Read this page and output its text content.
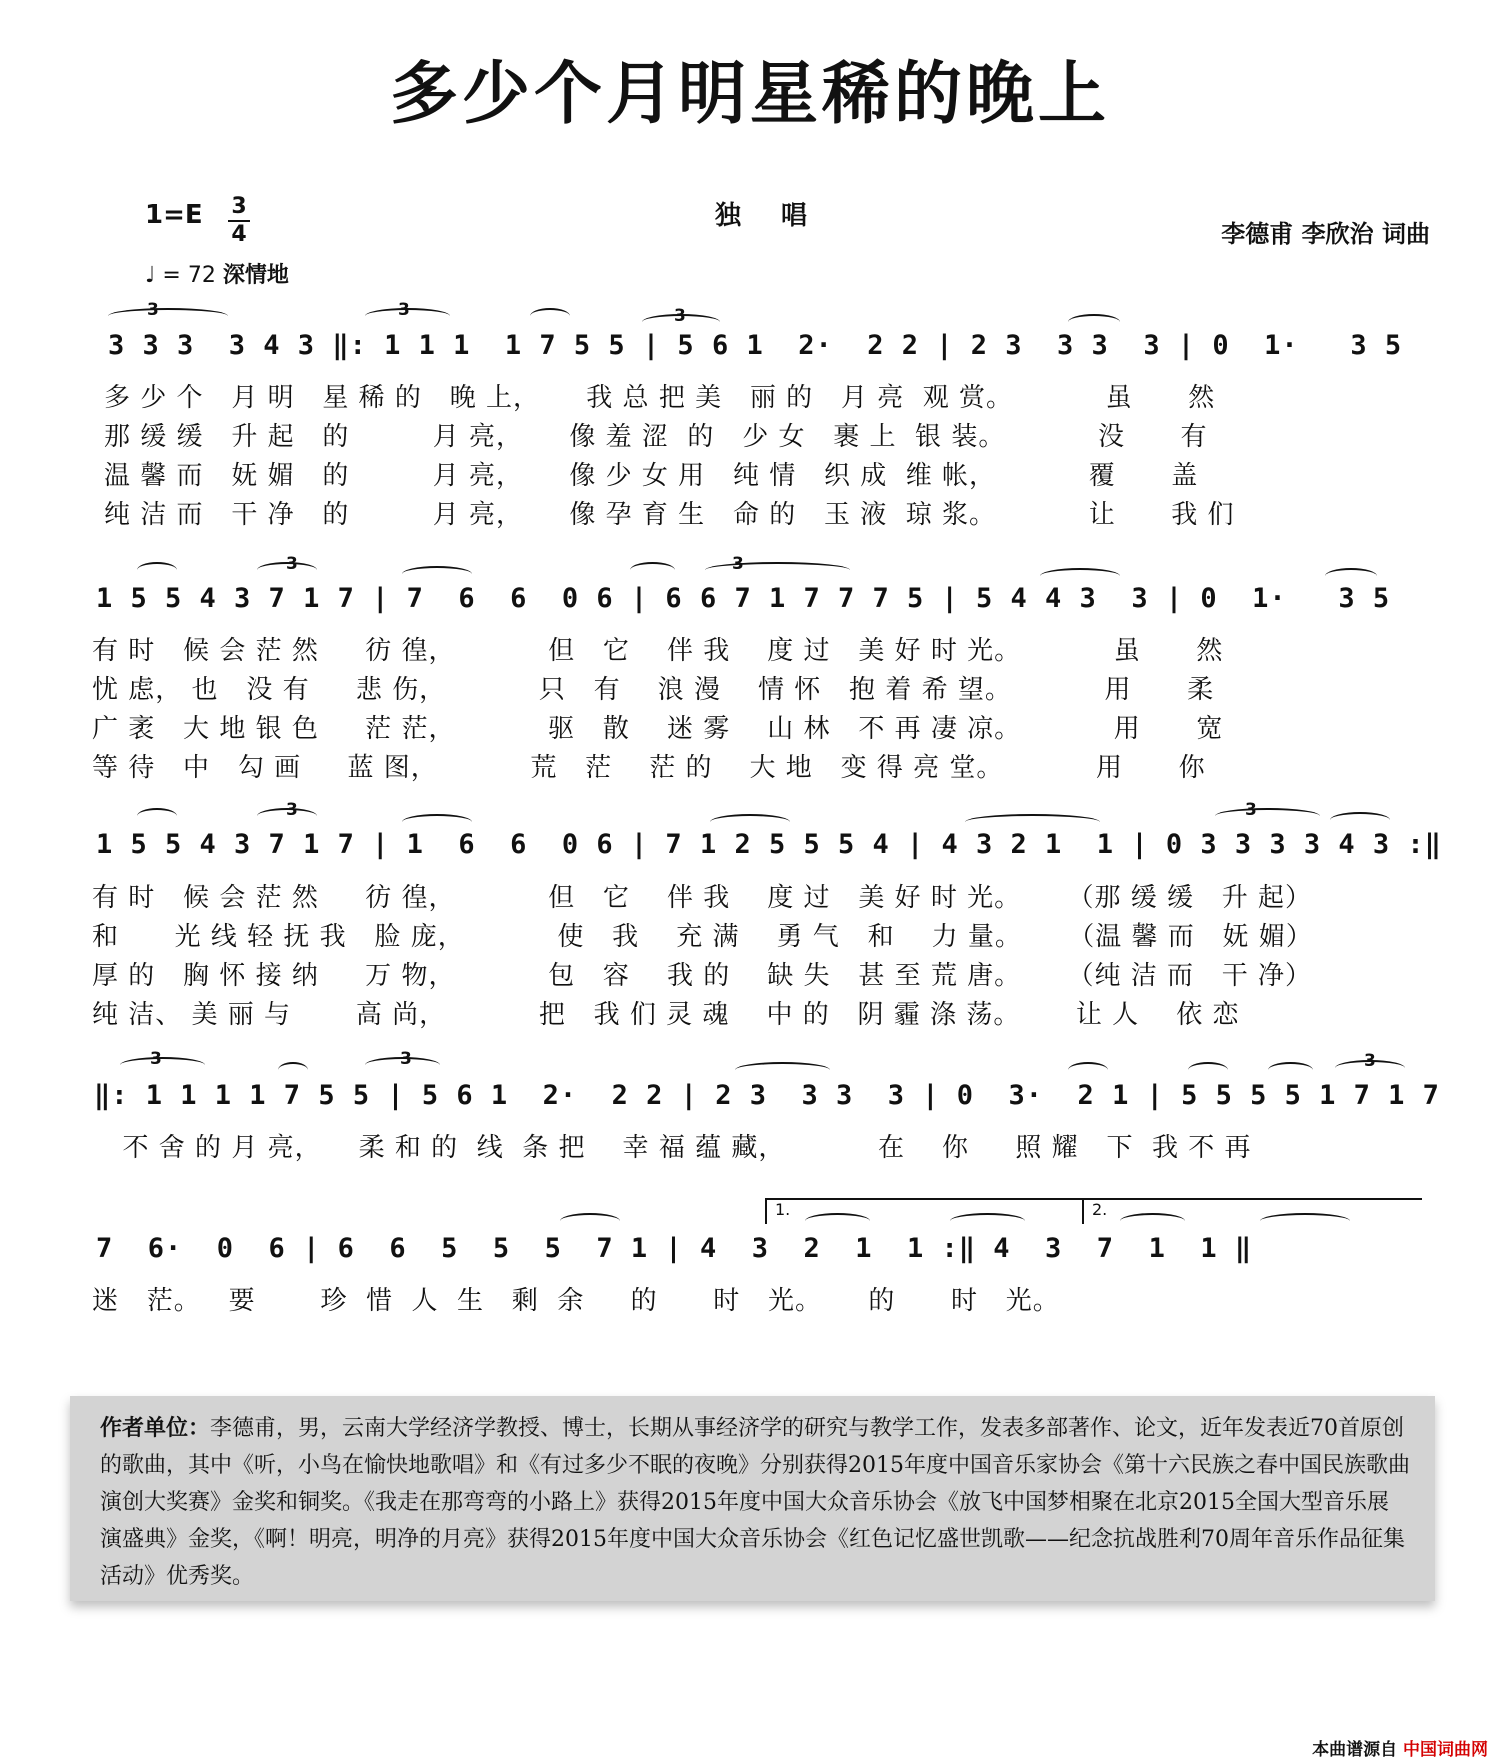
多少个月明星稀的晚上
$1=E \frac{3}{4}$
♩ = 72 深情地
独唱
李德甫 李欣治 词曲
3	3	3
3 3 3  3 4 3 ‖: 1 1 1  1 7 5 5 | 5 6 1  2·  2 2 | 2 3  3 3  3 | 0  1·   3 5
多 少 个   月 明   星 稀 的   晚 上，     我 总 把 美   丽 的   月 亮  观 赏。          虽      然
那 缓 缓   升 起   的         月 亮，     像 羞 涩  的   少 女   裹 上  银 装。          没      有
温 馨 而   妩 媚   的         月 亮，     像 少 女 用   纯 情   织 成  维 帐，          覆      盖
纯 洁 而   干 净   的         月 亮，     像 孕 育 生   命 的   玉 液  琼 浆。          让      我 们
3	3
1 5 5 4 3 7 1 7 | 7  6  6  0 6 | 6 6 7 1 7 7 7 5 | 5 4 4 3  3 | 0  1·   3 5
有 时   候 会 茫 然     彷 徨，          但   它    伴 我    度 过   美 好 时 光。          虽      然
忧 虑， 也   没 有     悲 伤，          只   有    浪 漫    情 怀   抱 着 希 望。          用      柔
广 袤   大 地 银 色     茫 茫，          驱   散    迷 雾    山 林   不 再 凄 凉。          用      宽
等 待   中   勾 画     蓝 图，          荒   茫    茫 的    大 地   变 得 亮 堂。          用      你
3	3
1 5 5 4 3 7 1 7 | 1  6  6  0 6 | 7 1 2 5 5 5 4 | 4 3 2 1  1 | 0 3 3 3 3 4 3 :‖
有 时   候 会 茫 然     彷 徨，          但   它    伴 我    度 过   美 好 时 光。     （那 缓 缓   升 起）
和      光 线 轻 抚 我   脸 庞，          使   我    充 满    勇 气   和    力 量。     （温 馨 而   妩 媚）
厚 的   胸 怀 接 纳     万 物，          包   容    我 的    缺 失   甚 至 荒 唐。     （纯 洁 而   干 净）
纯 洁、 美 丽 与       高 尚，          把   我 们 灵 魂    中 的   阴 霾 涤 荡。      让 人    依 恋
3	3	3
‖: 1 1 1 1 7 5 5 | 5 6 1  2·  2 2 | 2 3  3 3  3 | 0  3·  2 1 | 5 5 5 5 1 7 1 7
不 舍 的 月 亮，    柔 和 的  线  条 把    幸 福 蕴 藏，          在    你     照 耀   下  我 不 再
1.	2.
7  6·  0  6 | 6  6  5  5  5  7 1 | 4  3  2  1  1 :‖ 4  3  7  1  1 ‖
迷   茫。   要       珍  惜  人  生   剩  余     的      时   光。     的      时   光。
作者单位：李德甫，男，云南大学经济学教授、博士，长期从事经济学的研究与教学工作，发表多部著作、论文，近年发表近70首原创的歌曲，其中《听，小鸟在愉快地歌唱》和《有过多少不眠的夜晚》分别获得2015年度中国音乐家协会《第十六民族之春中国民族歌曲演创大奖赛》金奖和铜奖。《我走在那弯弯的小路上》获得2015年度中国大众音乐协会《放飞中国梦相聚在北京2015全国大型音乐展演盛典》金奖，《啊！明亮，明净的月亮》获得2015年度中国大众音乐协会《红色记忆盛世凯歌——纪念抗战胜利70周年音乐作品征集活动》优秀奖。
本曲谱源自 中国词曲网
